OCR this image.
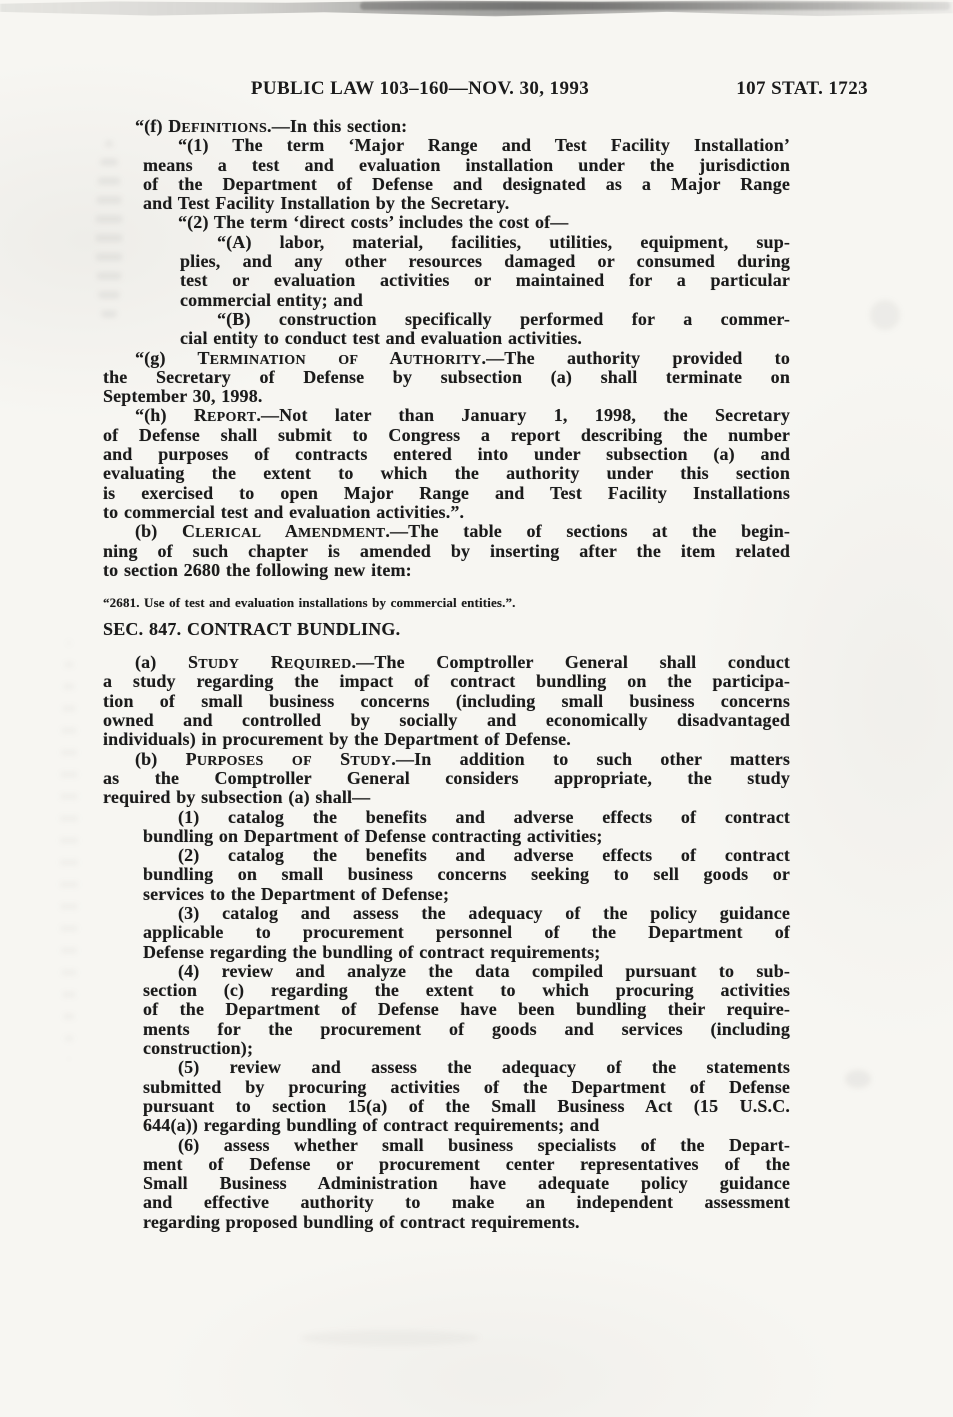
PUBLIC LAW 103–160—NOV. 30, 1993	107 STAT. 1723
“(f) DEFINITIONS.—In this section:
“(1) The term ‘Major Range and Test Facility Installation’
means a test and evaluation installation under the jurisdiction
of the Department of Defense and designated as a Major Range
and Test Facility Installation by the Secretary.
“(2) The term ‘direct costs’ includes the cost of—
“(A) labor, material, facilities, utilities, equipment, sup-
plies, and any other resources damaged or consumed during
test or evaluation activities or maintained for a particular
commercial entity; and
“(B) construction specifically performed for a commer-
cial entity to conduct test and evaluation activities.
“(g) TERMINATION OF AUTHORITY.—The authority provided to
the Secretary of Defense by subsection (a) shall terminate on
September 30, 1998.
“(h) REPORT.—Not later than January 1, 1998, the Secretary
of Defense shall submit to Congress a report describing the number
and purposes of contracts entered into under subsection (a) and
evaluating the extent to which the authority under this section
is exercised to open Major Range and Test Facility Installations
to commercial test and evaluation activities.”.
(b) CLERICAL AMENDMENT.—The table of sections at the begin-
ning of such chapter is amended by inserting after the item related
to section 2680 the following new item:
“2681. Use of test and evaluation installations by commercial entities.”.
SEC. 847. CONTRACT BUNDLING.
(a) STUDY REQUIRED.—The Comptroller General shall conduct
a study regarding the impact of contract bundling on the participa-
tion of small business concerns (including small business concerns
owned and controlled by socially and economically disadvantaged
individuals) in procurement by the Department of Defense.
(b) PURPOSES OF STUDY.—In addition to such other matters
as the Comptroller General considers appropriate, the study
required by subsection (a) shall—
(1) catalog the benefits and adverse effects of contract
bundling on Department of Defense contracting activities;
(2) catalog the benefits and adverse effects of contract
bundling on small business concerns seeking to sell goods or
services to the Department of Defense;
(3) catalog and assess the adequacy of the policy guidance
applicable to procurement personnel of the Department of
Defense regarding the bundling of contract requirements;
(4) review and analyze the data compiled pursuant to sub-
section (c) regarding the extent to which procuring activities
of the Department of Defense have been bundling their require-
ments for the procurement of goods and services (including
construction);
(5) review and assess the adequacy of the statements
submitted by procuring activities of the Department of Defense
pursuant to section 15(a) of the Small Business Act (15 U.S.C.
644(a)) regarding bundling of contract requirements; and
(6) assess whether small business specialists of the Depart-
ment of Defense or procurement center representatives of the
Small Business Administration have adequate policy guidance
and effective authority to make an independent assessment
regarding proposed bundling of contract requirements.
